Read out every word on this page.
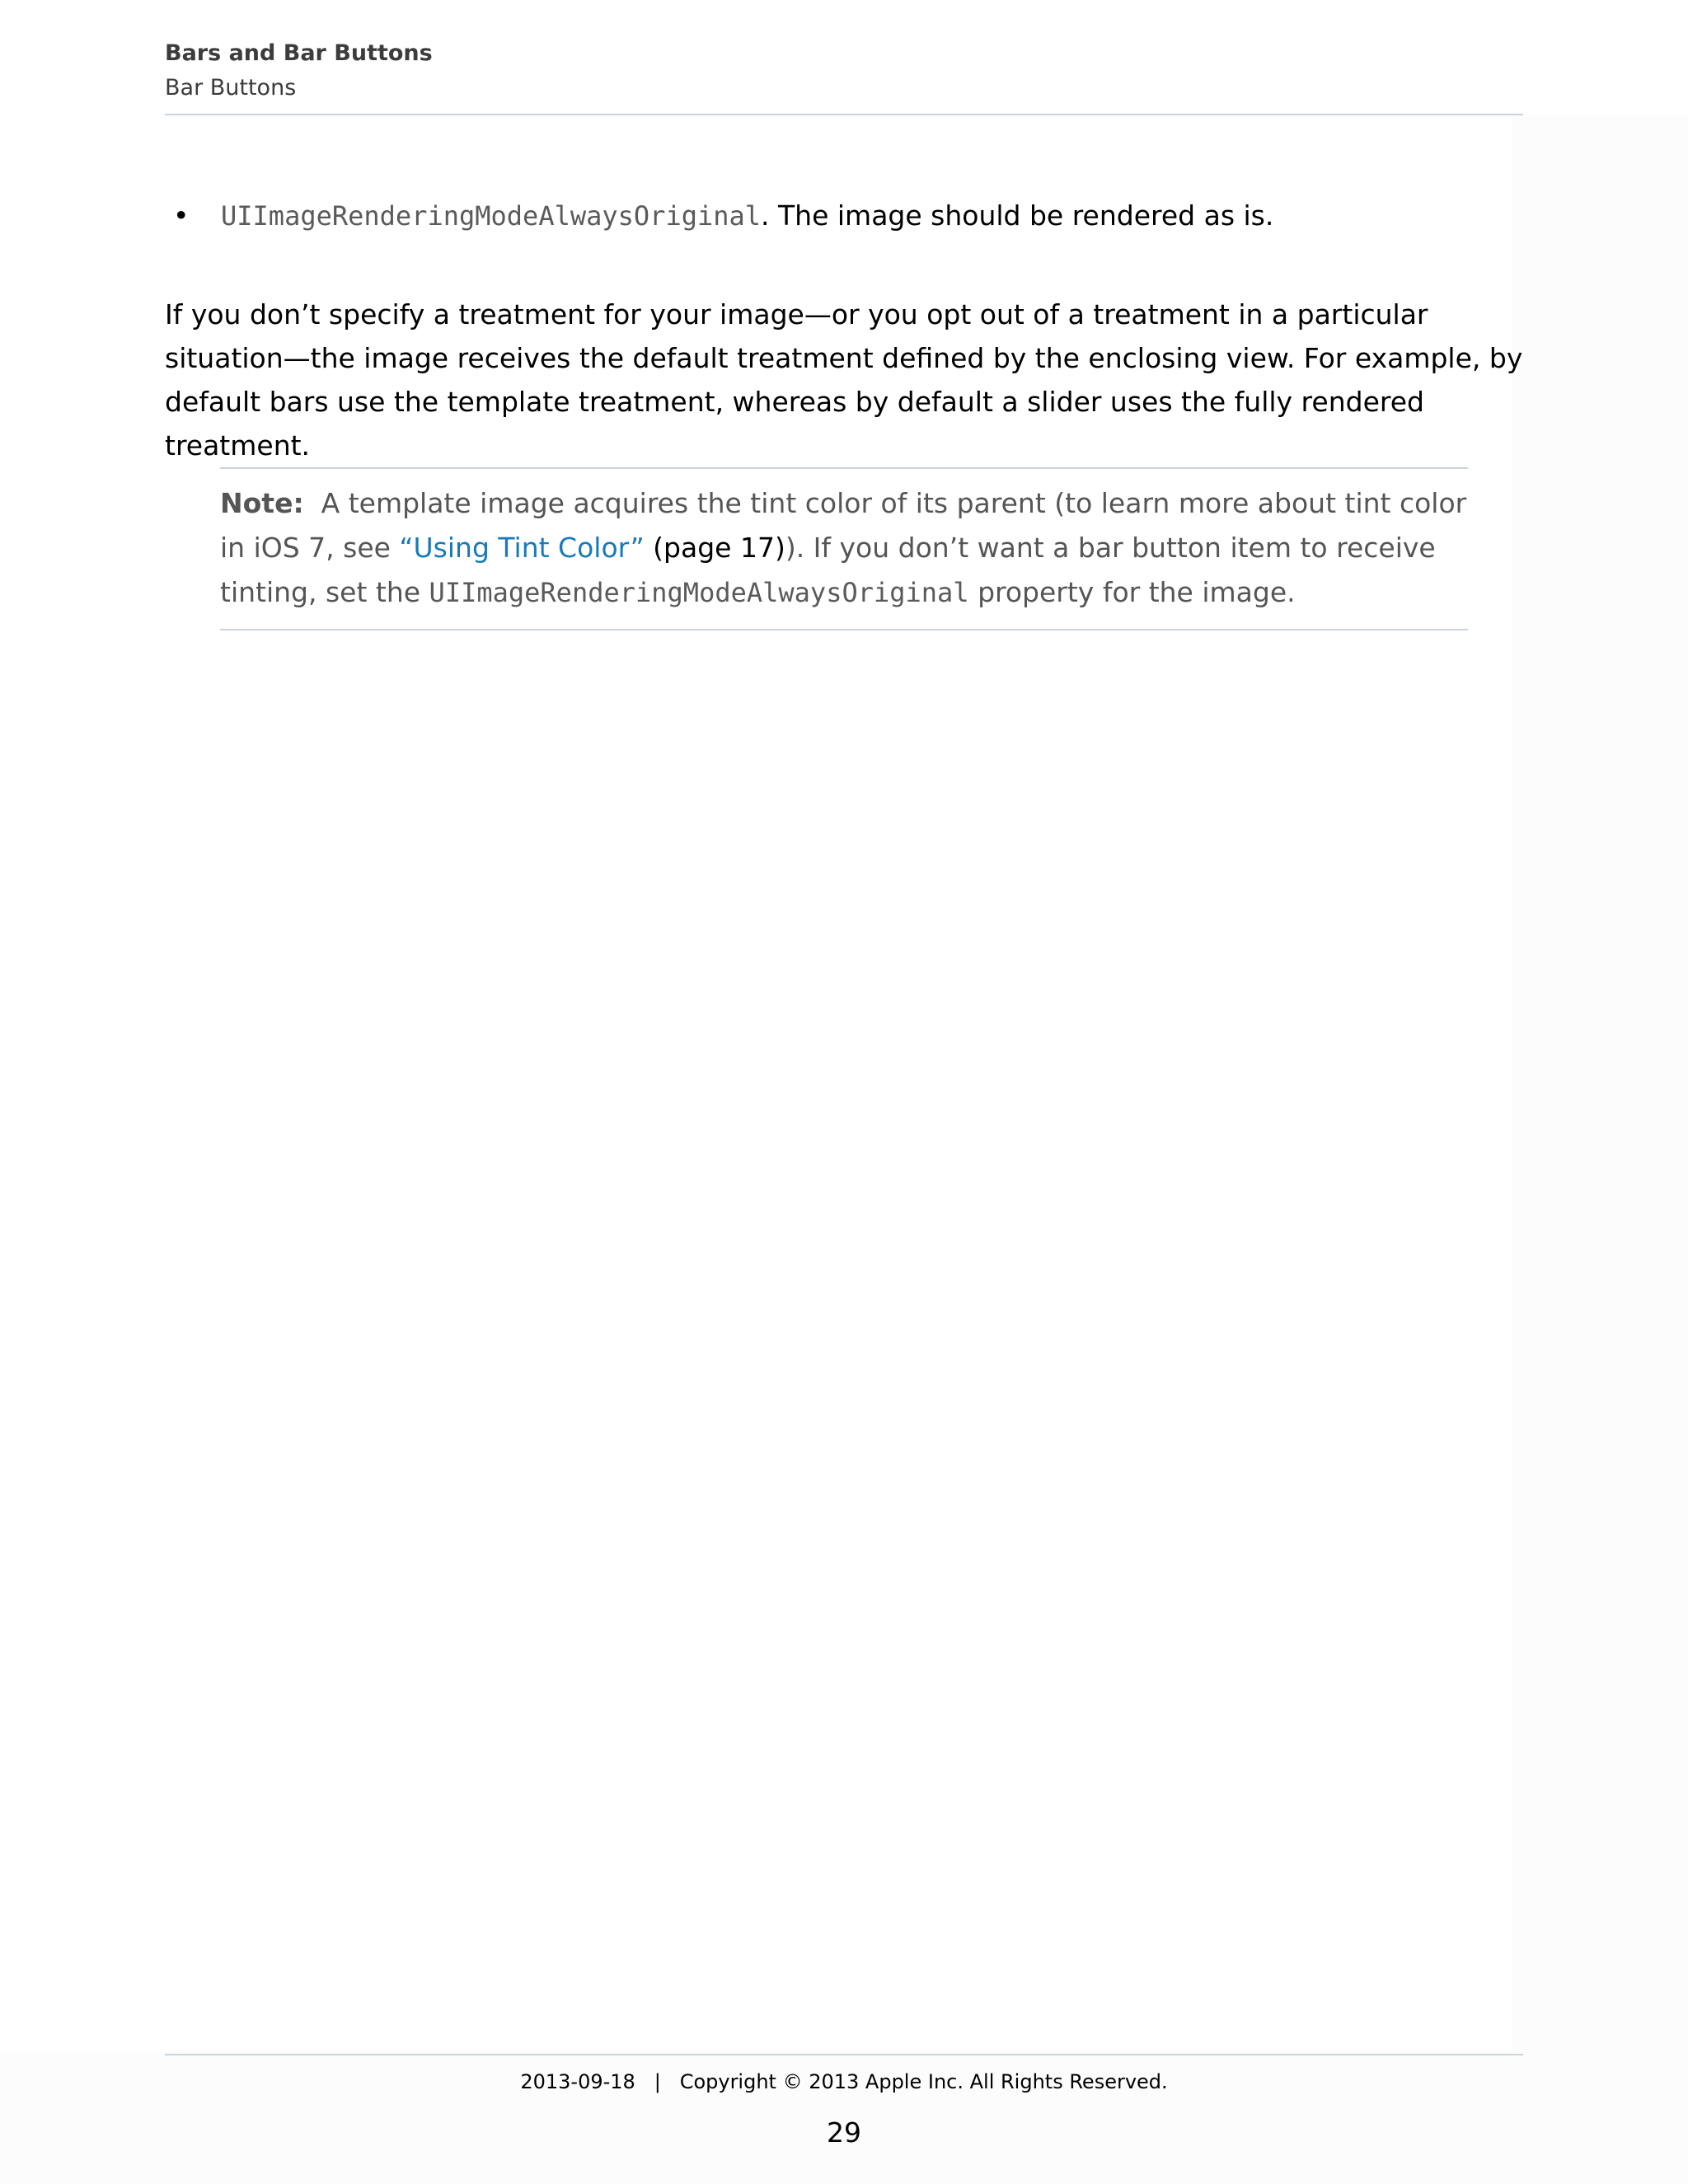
Bars and Bar Buttons
Bar Buttons
• UIImageRenderingModeAlwaysOriginal. The image should be rendered as is.
If you don’t specify a treatment for your image—or you opt out of a treatment in a particular situation—the image receives the default treatment defined by the enclosing view. For example, by default bars use the template treatment, whereas by default a slider uses the fully rendered treatment.
Note: A template image acquires the tint color of its parent (to learn more about tint color in iOS 7, see “Using Tint Color” (page 17)). If you don’t want a bar button item to receive tinting, set the UIImageRenderingModeAlwaysOriginal property for the image.
2013-09-18 | Copyright © 2013 Apple Inc. All Rights Reserved.
29
